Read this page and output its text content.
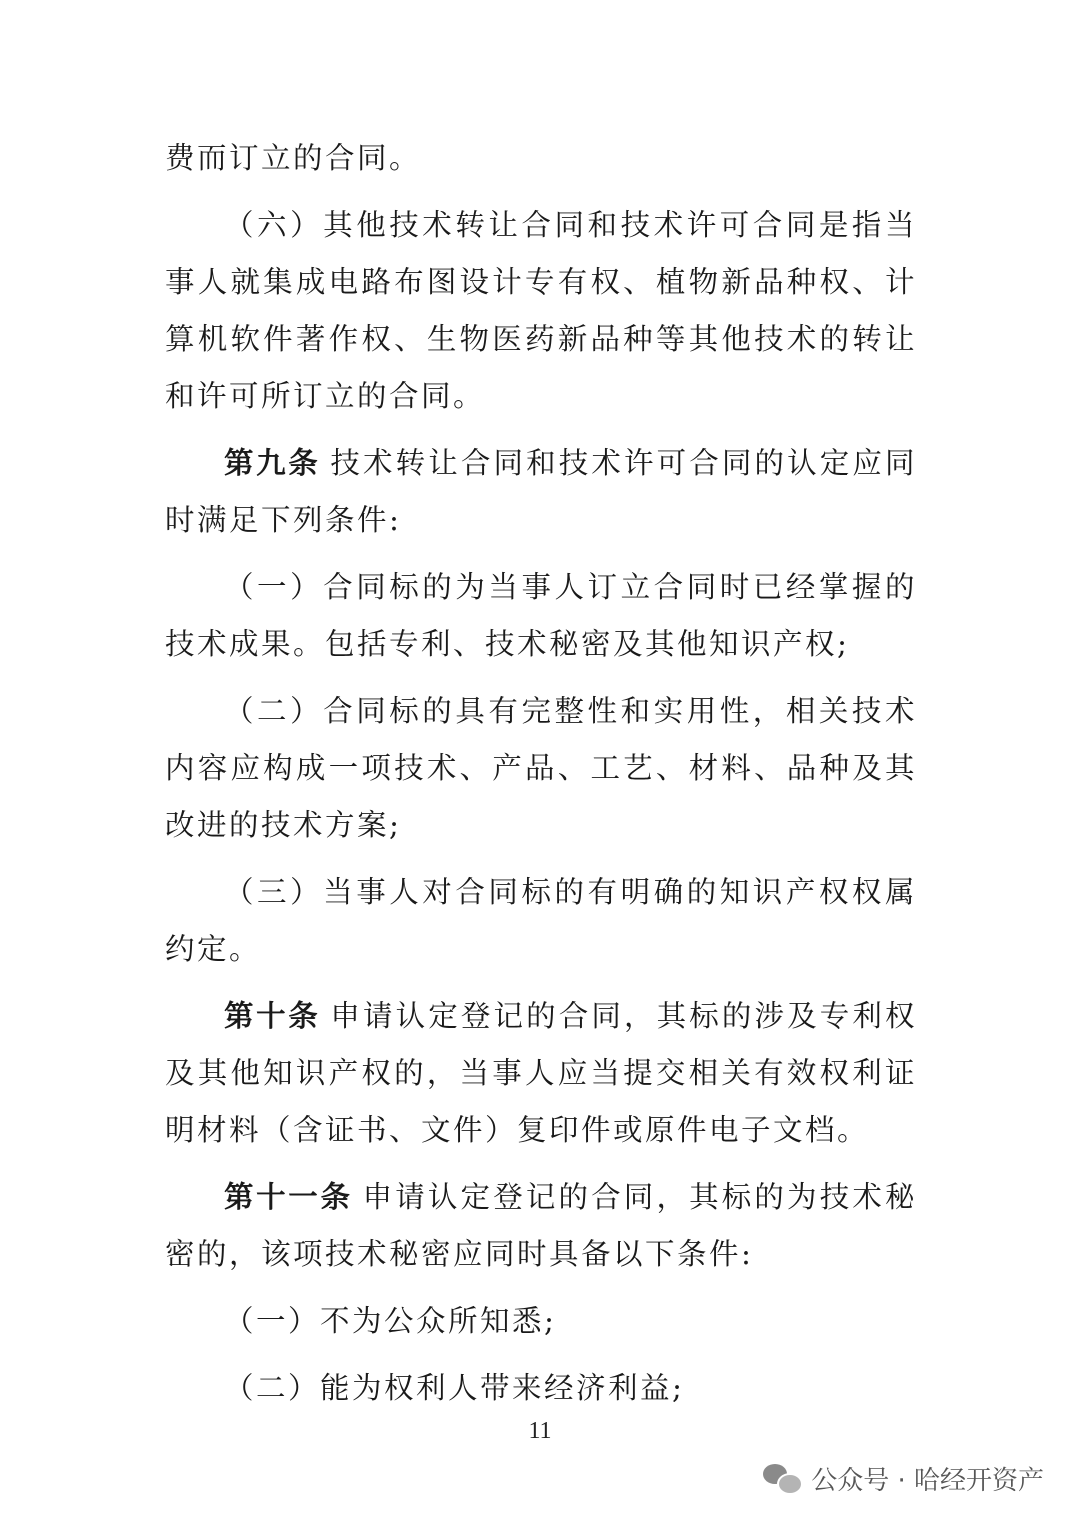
费而订立的合同。

（六）其他技术转让合同和技术许可合同是指当事人就集成电路布图设计专有权、植物新品种权、计算机软件著作权、生物医药新品种等其他技术的转让和许可所订立的合同。

第九条 技术转让合同和技术许可合同的认定应同时满足下列条件:

（一）合同标的为当事人订立合同时已经掌握的技术成果。包括专利、技术秘密及其他知识产权;

（二）合同标的具有完整性和实用性，相关技术内容应构成一项技术、产品、工艺、材料、品种及其改进的技术方案;

（三）当事人对合同标的有明确的知识产权权属约定。

第十条 申请认定登记的合同，其标的涉及专利权及其他知识产权的，当事人应当提交相关有效权利证明材料（含证书、文件）复印件或原件电子文档。

第十一条 申请认定登记的合同，其标的为技术秘密的，该项技术秘密应同时具备以下条件:

（一）不为公众所知悉;

（二）能为权利人带来经济利益;

11
公众号 · 哈经开资产
